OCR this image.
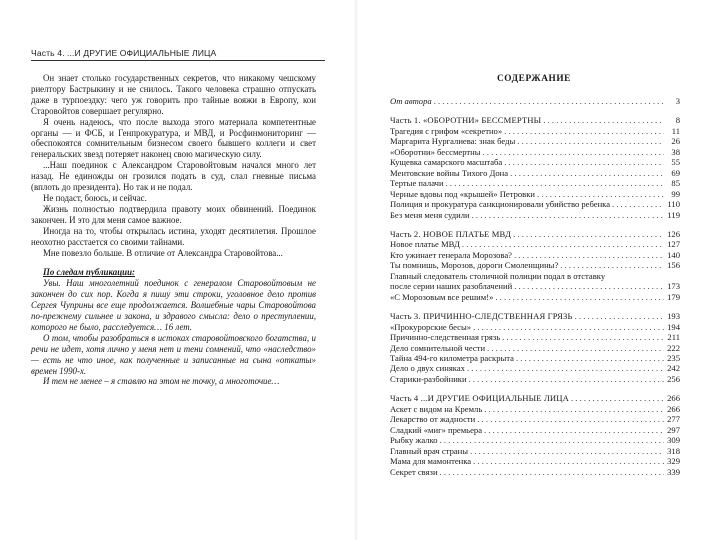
Часть 4. ...И ДРУГИЕ ОФИЦИАЛЬНЫЕ ЛИЦА

Он знает столько государственных секретов, что никакому чешскому риелтору Бастрыкину и не снилось. Такого человека страшно отпускать даже в турпоездку: чего уж говорить про тайные вояжи в Европу, кои Старовойтов совершает регулярно.

Я очень надеюсь, что после выхода этого материала компетентные органы — и ФСБ, и Генпрокуратура, и МВД, и Росфинмониторинг — обеспокоятся сомнительным бизнесом своего бывшего коллеги и свет генеральских звезд потеряет наконец свою магическую силу.

...Наш поединок с Александром Старовойтовым начался много лет назад. Не единожды он грозился подать в суд, слал гневные письма (вплоть до президента). Но так и не подал.

Не подаст, боюсь, и сейчас.

Жизнь полностью подтвердила правоту моих обвинений. Поединок закончен. И это для меня самое важное.

Иногда на то, чтобы открылась истина, уходят десятилетия. Прошлое неохотно расстается со своими тайнами.

Мне повезло больше. В отличие от Александра Старовойтова...

По следам публикации:

Увы. Наш многолетний поединок с генералом Старовойтовым не закончен до сих пор. Когда я пишу эти строки, уголовное дело против Сергея Чуприны все еще продолжается. Волшебные чары Старовойтова по-прежнему сильнее и закона, и здравого смысла: дело о преступлении, которого не было, расследуется… 16 лет.

О том, чтобы разобраться в истоках старовойтовского богатства, и речи не идет, хотя лично у меня нет и тени сомнений, что «наследство» — есть не что иное, как полученные и записанные на сына «откаты» времен 1990-х.

И тем не менее – я ставлю на этом не точку, а многоточие…

СОДЕРЖАНИЕ
От автора . . .	3
Часть 1. «ОБОРОТНИ» БЕССМЕРТНЫ . . .	8
Трагедия с грифом «секретно» . . .	11
Маргарита Нургалиева: знак беды . . .	26
«Оборотни» бессмертны . . .	38
Кущевка самарского масштаба . . .	55
Ментовские войны Тихого Дона . . .	69
Тертые палачи . . .	85
Черные вдовы под «крышей» Петровки . . .	99
Полиция и прокуратура санкционировали убийство ребенка . . .	110
Без меня меня судили . . .	119
Часть 2. НОВОЕ ПЛАТЬЕ МВД . . .	126
Новое платье МВД . . .	127
Кто ужинает генерала Морозова? . . .	140
Ты помнишь, Морозов, дороги Смоленщины? . . .	156
Главный следователь столичной полиции подал в отставку
после серии наших разоблачений . . .	173
«С Морозовым все решим!» . . .	179
Часть 3. ПРИЧИННО-СЛЕДСТВЕННАЯ ГРЯЗЬ . . .	193
«Прокурорские бесы» . . .	194
Причинно-следственная грязь . . .	211
Дело сомнительной чести . . .	222
Тайна 494-го километра раскрыта . . .	235
Дело о двух синяках . . .	242
Старики-разбойники . . .	256
Часть 4 ...И ДРУГИЕ ОФИЦИАЛЬНЫЕ ЛИЦА . . .	266
Аскет с видом на Кремль . . .	266
Лекарство от жадности . . .	277
Сладкий «миг» премьера . . .	297
Рыбку жалко . . .	309
Главный врач страны . . .	318
Мама для мамонтенка . . .	329
Секрет связи . . .	339
